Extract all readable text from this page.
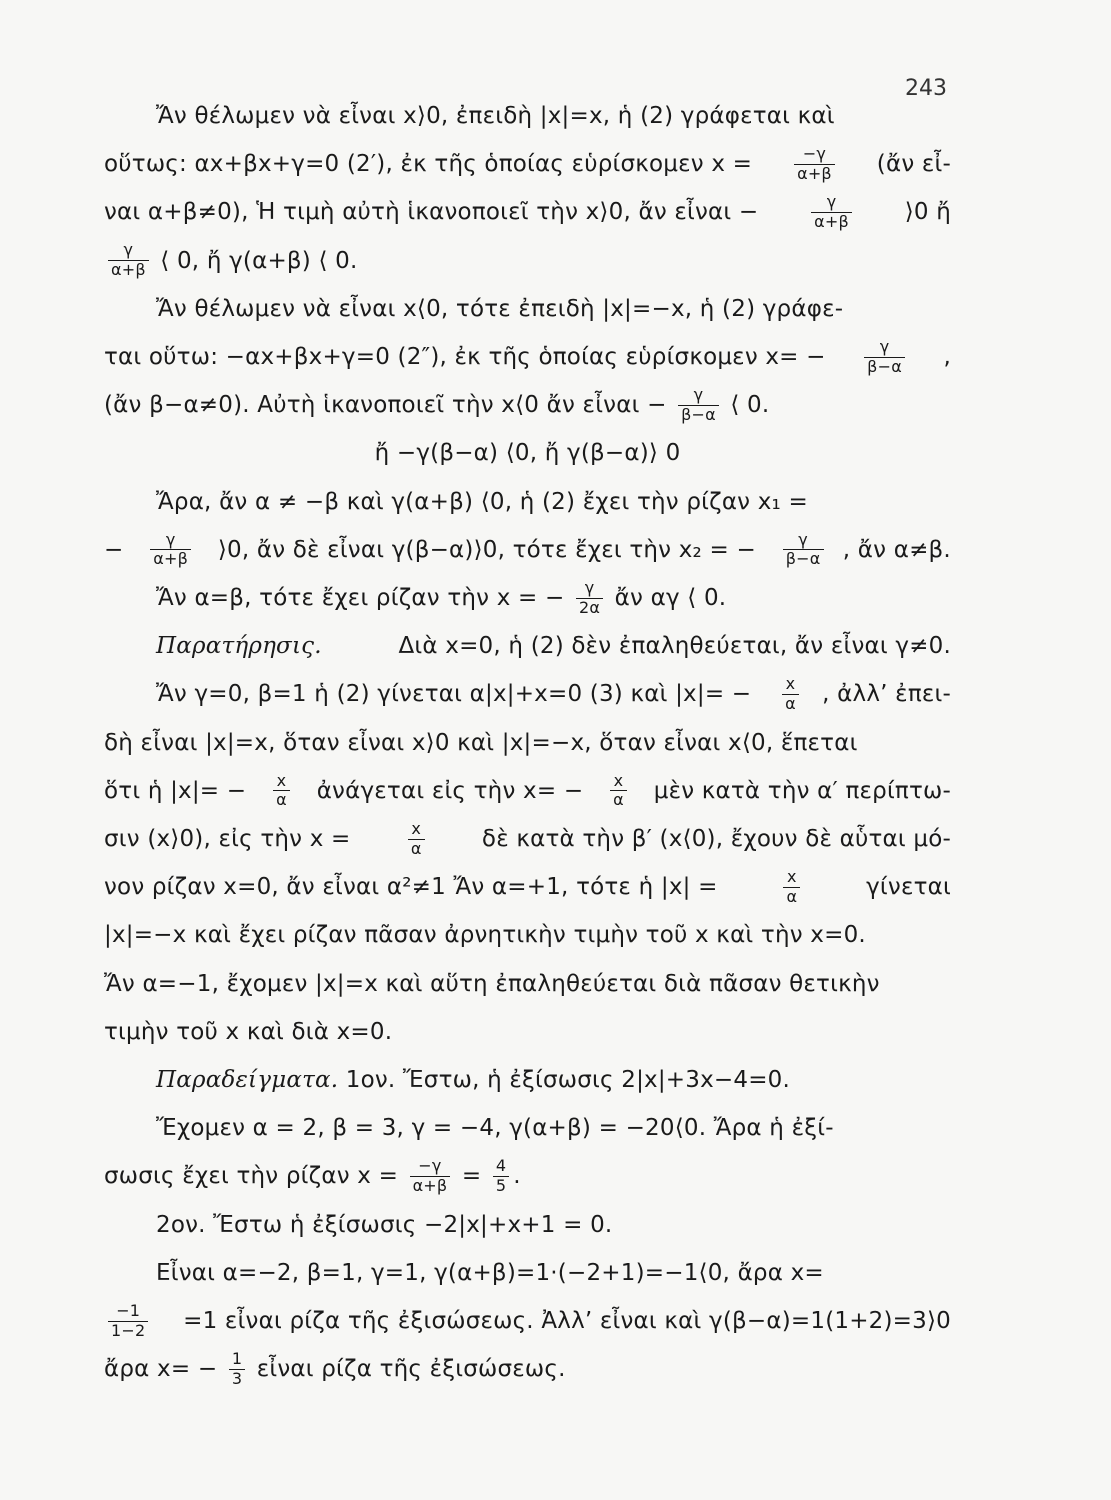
243
Ἄν θέλωμεν νὰ εἶναι x⟩0, ἐπειδὴ |x|=x, ἡ (2) γράφεται καὶ
οὕτως: αx+βx+γ=0 (2′), ἐκ τῆς ὁποίας εὑρίσκομεν $x = \frac{-\gamma}{\alpha+\beta}$ (ἄν εἶ-
ναι α+β≠0), Ἡ τιμὴ αὐτὴ ἱκανοποιεῖ τὴν x⟩0, ἄν εἶναι −	$\frac{\gamma}{\alpha+\beta}$ ⟩0 ἤ
$\frac{\gamma}{\alpha+\beta}$ ⟨ 0, ἤ γ(α+β) ⟨ 0.
Ἄν θέλωμεν νὰ εἶναι x⟨0, τότε ἐπειδὴ |x|=−x, ἡ (2) γράφε-
ται οὕτω: −αx+βx+γ=0 (2″), ἐκ τῆς ὁποίας εὑρίσκομεν $x= - \frac{\gamma}{\beta-\alpha}$ ,
(ἄν β−α≠0). Αὐτὴ ἱκανοποιεῖ τὴν x⟨0 ἄν εἶναι − $\frac{\gamma}{\beta-\alpha}$ ⟨ 0.
ἤ −γ(β−α) ⟨0, ἤ γ(β−α)⟩ 0
Ἄρα, ἄν α ≠ −β καὶ γ(α+β) ⟨0, ἡ (2) ἔχει τὴν ρίζαν x₁ =
− $\frac{\gamma}{\alpha+\beta}$ ⟩0, ἄν δὲ εἶναι γ(β−α)⟩0, τότε ἔχει τὴν x₂ = − $\frac{\gamma}{\beta-\alpha}$ , ἄν α≠β.
Ἄν α=β, τότε ἔχει ρίζαν τὴν x = − $\frac{\gamma}{2\alpha}$ ἄν αγ ⟨ 0.
Παρατήρησις.	Διὰ x=0, ἡ (2) δὲν ἐπαληθεύεται, ἄν εἶναι γ≠0.
Ἄν γ=0, β=1 ἡ (2) γίνεται α|x|+x=0 (3) καὶ $|x|= - \frac{x}{\alpha}$ , ἀλλ’ ἐπει-
δὴ εἶναι |x|=x, ὅταν εἶναι x⟩0 καὶ |x|=−x, ὅταν εἶναι x⟨0, ἕπεται
ὅτι ἡ $|x|= - \frac{x}{\alpha}$ ἀνάγεται εἰς τὴν $x= - \frac{x}{\alpha}$ μὲν κατὰ τὴν α′ περίπτω-
σιν (x⟩0), εἰς τὴν x =	$\frac{x}{\alpha}$ δὲ κατὰ τὴν β′ (x⟨0), ἔχουν δὲ αὗται μό-
νον ρίζαν x=0, ἄν εἶναι α²≠1 Ἄν α=+1, τότε ἡ |x| =	$\frac{x}{\alpha}$	γίνεται
|x|=−x καὶ ἔχει ρίζαν πᾶσαν ἀρνητικὴν τιμὴν τοῦ x καὶ τὴν x=0.
Ἄν α=−1, ἔχομεν |x|=x καὶ αὕτη ἐπαληθεύεται διὰ πᾶσαν θετικὴν
τιμὴν τοῦ x καὶ διὰ x=0.
Παραδείγματα. 1ον. Ἔστω, ἡ ἐξίσωσις 2|x|+3x−4=0.
Ἔχομεν α = 2, β = 3, γ = −4, γ(α+β) = −20⟨0. Ἄρα ἡ ἐξί-
σωσις ἔχει τὴν ρίζαν $x = \frac{-\gamma}{\alpha+\beta} = \frac{4}{5}$ .
2ον. Ἔστω ἡ ἐξίσωσις −2|x|+x+1 = 0.
Εἶναι α=−2, β=1, γ=1, γ(α+β)=1·(−2+1)=−1⟨0, ἄρα x=
$\frac{-1}{1-2} =1$ εἶναι ρίζα τῆς ἐξισώσεως. Ἀλλ’ εἶναι καὶ γ(β−α)=1(1+2)=3⟩0
ἄρα $x= - \frac{1}{3}$ εἶναι ρίζα τῆς ἐξισώσεως.
